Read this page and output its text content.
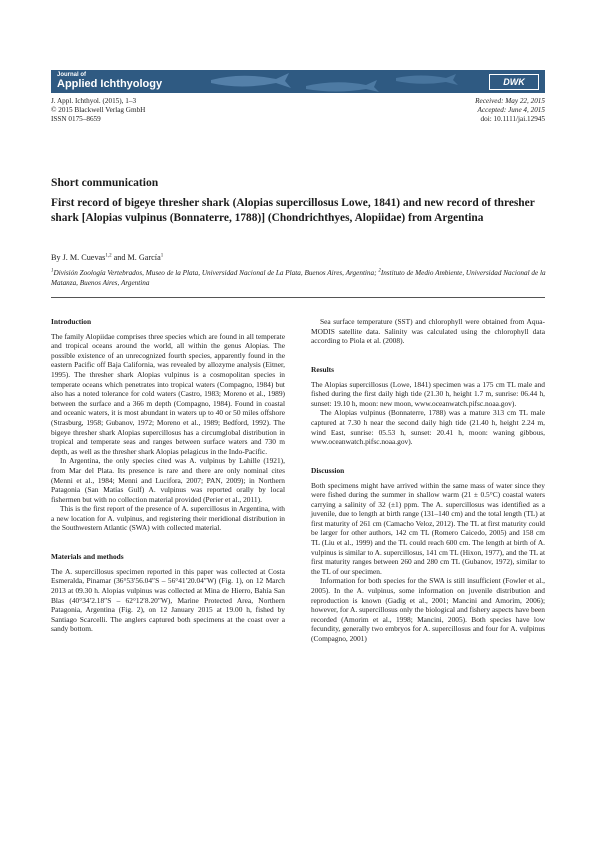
Journal of
Applied Ichthyology	DWK
J. Appl. Ichthyol. (2015), 1–3
© 2015 Blackwell Verlag GmbH
ISSN 0175–8659
Received: May 22, 2015
Accepted: June 4, 2015
doi: 10.1111/jai.12945
Short communication
First record of bigeye thresher shark (Alopias supercillosus Lowe, 1841) and new record of thresher shark [Alopias vulpinus (Bonnaterre, 1788)] (Chondrichthyes, Alopiidae) from Argentina
By J. M. Cuevas$^{1,2}$ and M. García$^1$
$^1$División Zoología Vertebrados, Museo de la Plata, Universidad Nacional de La Plata, Buenos Aires, Argentina; $^2$Instituto de Medio Ambiente, Universidad Nacional de la Matanza, Buenos Aires, Argentina
Introduction

The family Alopiidae comprises three species which are found in all temperate and tropical oceans around the world, all within the genus Alopias. The possible existence of an unrecognized fourth species, apparently found in the eastern Pacific off Baja California, was revealed by allozyme analysis (Eitner, 1995). The thresher shark Alopias vulpinus is a cosmopolitan species in temperate oceans which penetrates into tropical waters (Compagno, 1984) but also has a noted tolerance for cold waters (Castro, 1983; Moreno et al., 1989) between the surface and a 366 m depth (Compagno, 1984). Found in coastal and oceanic waters, it is most abundant in waters up to 40 or 50 miles offshore (Strasburg, 1958; Gubanov, 1972; Moreno et al., 1989; Bedford, 1992). The bigeye thresher shark Alopias supercillosus has a circumglobal distribution in tropical and temperate seas and ranges between surface waters and 730 m depth, as well as the thresher shark Alopias pelagicus in the Indo-Pacific.

In Argentina, the only species cited was A. vulpinus by Lahille (1921), from Mar del Plata. Its presence is rare and there are only nominal cites (Menni et al., 1984; Menni and Lucifora, 2007; PAN, 2009); in Northern Patagonia (San Matías Gulf) A. vulpinus was reported orally by local fishermen but with no collection material provided (Perier et al., 2011).

This is the first report of the presence of A. supercillosus in Argentina, with a new location for A. vulpinus, and registering their meridional distribution in the Southwestern Atlantic (SWA) with collected material.

Materials and methods

The A. supercillosus specimen reported in this paper was collected at Costa Esmeralda, Pinamar (36°53′56.04″S – 56°41′20.04″W) (Fig. 1), on 12 March 2013 at 09.30 h. Alopias vulpinus was collected at Mina de Hierro, Bahía San Blas (40°34′2.18″S – 62°12′8.20″W), Marine Protected Area, Northern Patagonia, Argentina (Fig. 2), on 12 January 2015 at 19.00 h, fished by Santiago Scarcelli. The anglers captured both specimens at the coast over a sandy bottom.

Sea surface temperature (SST) and chlorophyll were obtained from Aqua-MODIS satellite data. Salinity was calculated using the chlorophyll data according to Piola et al. (2008).

Results

The Alopias supercillosus (Lowe, 1841) specimen was a 175 cm TL male and fished during the first daily high tide (21.30 h, height 1.7 m, sunrise: 06.44 h, sunset: 19.10 h, moon: new moon, www.oceanwatch.pifsc.noaa.gov).

The Alopias vulpinus (Bonnaterre, 1788) was a mature 313 cm TL male captured at 7.30 h near the second daily high tide (21.40 h, height 2.24 m, wind East, sunrise: 05.53 h, sunset: 20.41 h, moon: waning gibbous, www.oceanwatch.pifsc.noaa.gov).

Discussion

Both specimens might have arrived within the same mass of water since they were fished during the summer in shallow warm (21 ± 0.5°C) coastal waters carrying a salinity of 32 (±1) ppm. The A. supercillosus was identified as a juvenile, due to length at birth range (131–140 cm) and the total length (TL) at first maturity of 261 cm (Camacho Veloz, 2012). The TL at first maturity could be larger for other authors, 142 cm TL (Romero Caicedo, 2005) and 158 cm TL (Liu et al., 1999) and the TL could reach 600 cm. The length at birth of A. vulpinus is similar to A. supercillosus, 141 cm TL (Hixon, 1977), and the TL at first maturity ranges between 260 and 280 cm TL (Gubanov, 1972), similar to the TL of our specimen.

Information for both species for the SWA is still insufficient (Fowler et al., 2005). In the A. vulpinus, some information on juvenile distribution and reproduction is known (Gadig et al., 2001; Mancini and Amorim, 2006); however, for A. supercillosus only the biological and fishery aspects have been recorded (Amorim et al., 1998; Mancini, 2005). Both species have low fecundity, generally two embryos for A. supercillosus and four for A. vulpinus (Compagno, 2001)
